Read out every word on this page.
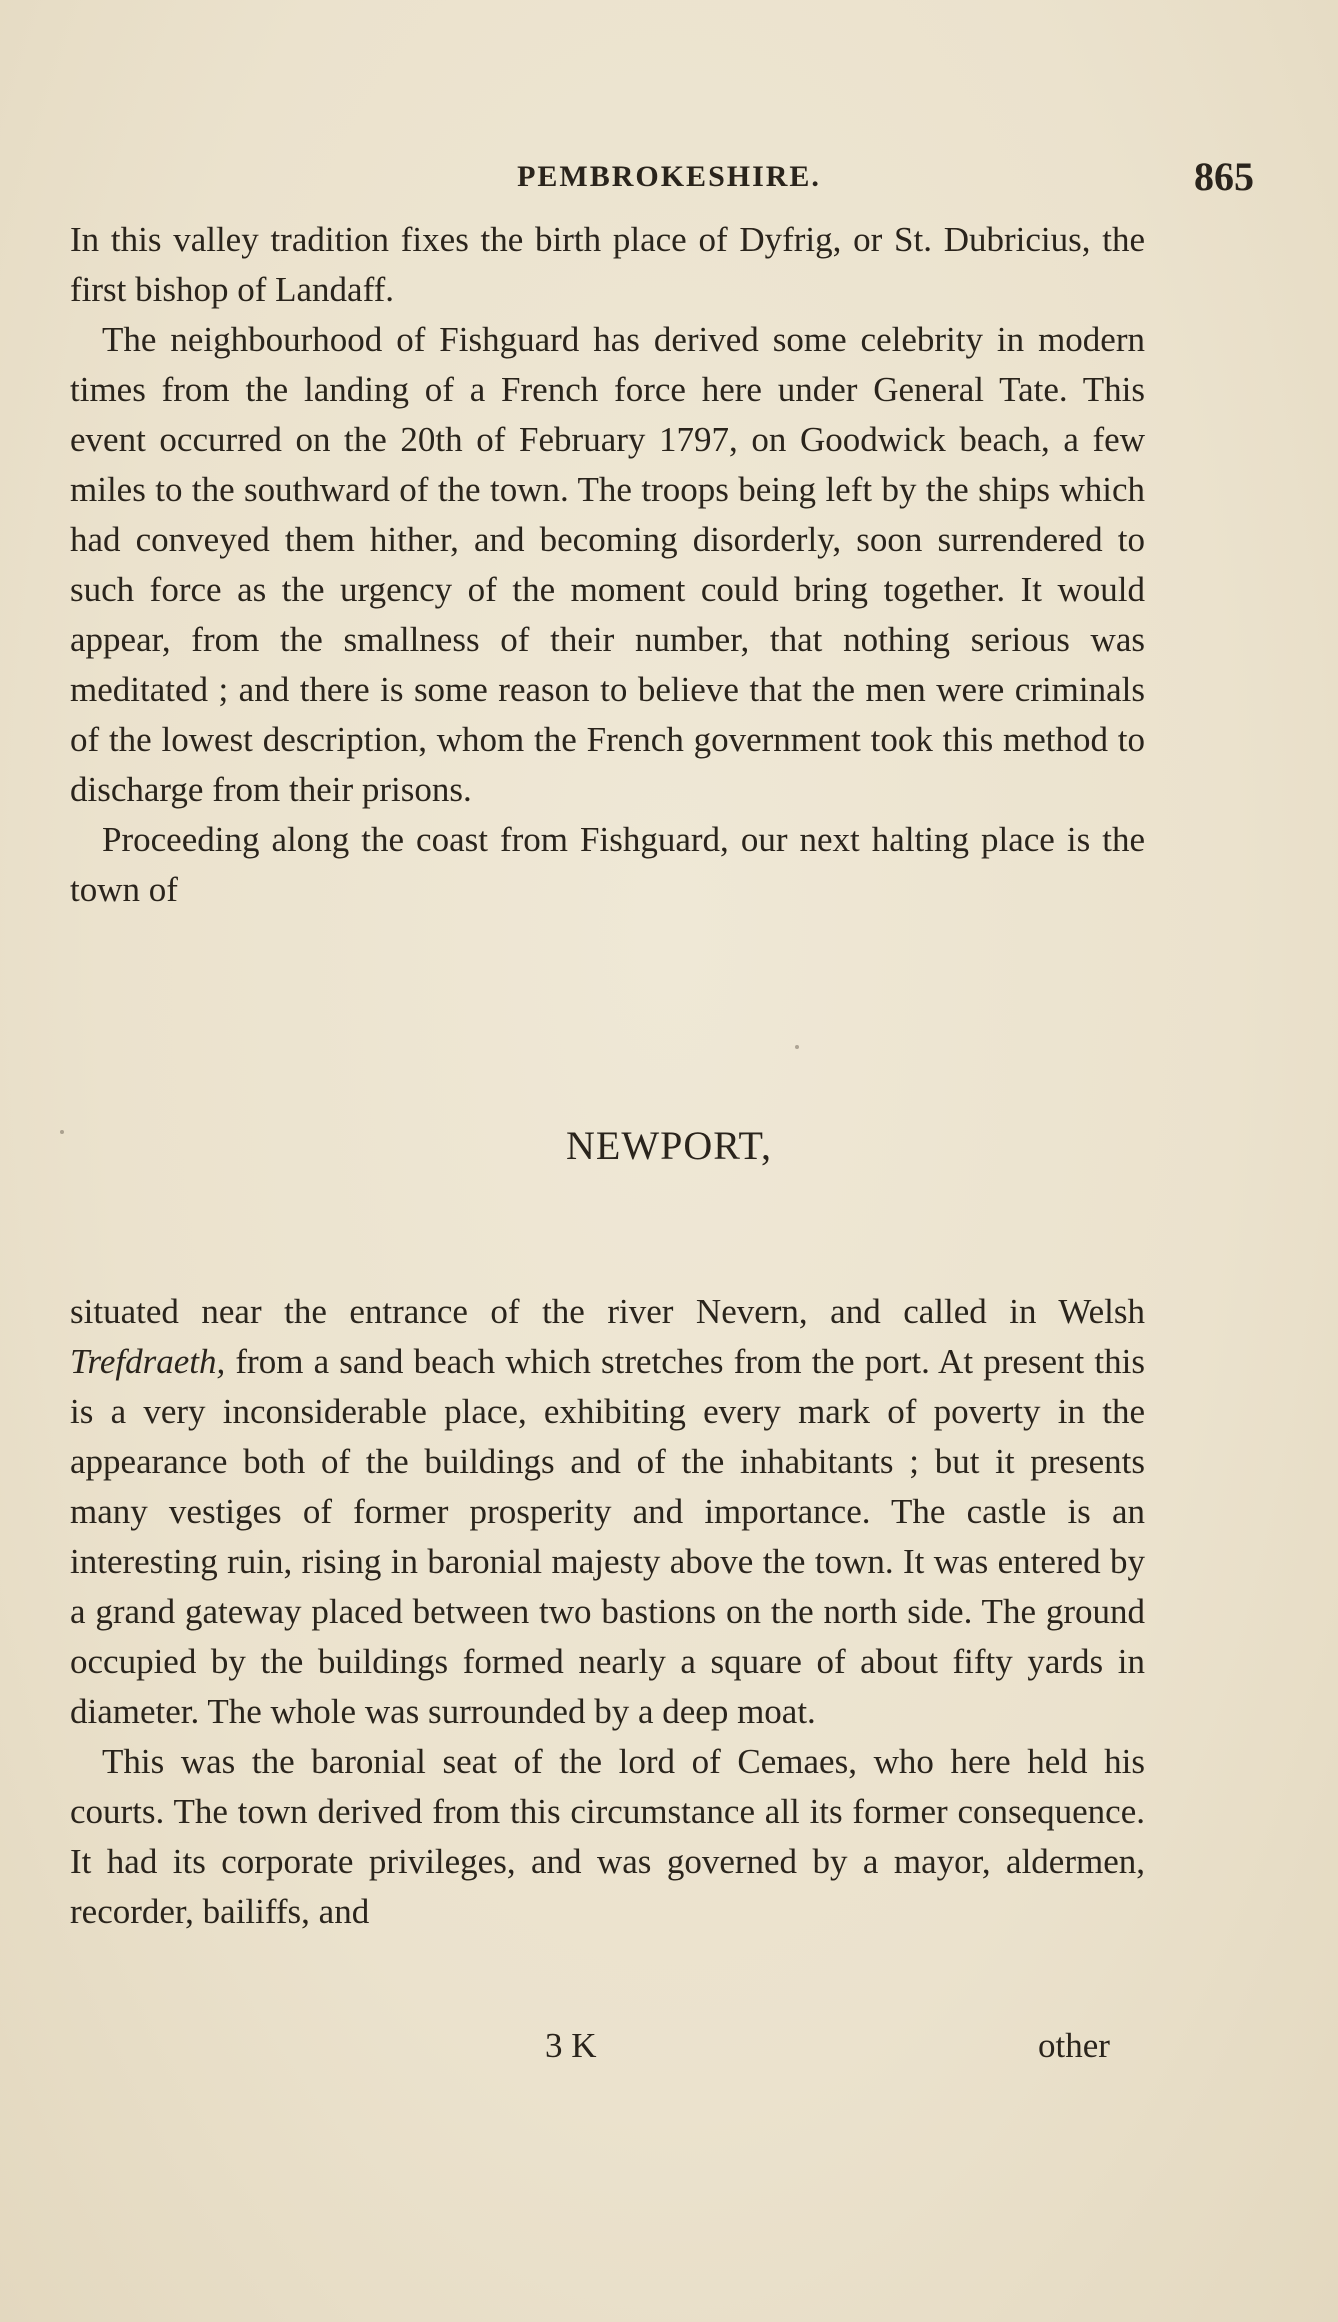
PEMBROKESHIRE.	865

In this valley tradition fixes the birth place of Dyfrig, or St. Dubricius, the first bishop of Landaff.

The neighbourhood of Fishguard has derived some celebrity in modern times from the landing of a French force here under General Tate. This event occurred on the 20th of February 1797, on Goodwick beach, a few miles to the southward of the town. The troops being left by the ships which had conveyed them hither, and becoming disorderly, soon surrendered to such force as the urgency of the moment could bring together. It would appear, from the smallness of their number, that nothing serious was meditated ; and there is some reason to believe that the men were criminals of the lowest description, whom the French government took this method to discharge from their prisons.

Proceeding along the coast from Fishguard, our next halting place is the town of

NEWPORT,

situated near the entrance of the river Nevern, and called in Welsh Trefdraeth, from a sand beach which stretches from the port. At present this is a very inconsiderable place, exhibiting every mark of poverty in the appearance both of the buildings and of the inhabitants ; but it presents many vestiges of former prosperity and importance. The castle is an interesting ruin, rising in baronial majesty above the town. It was entered by a grand gateway placed between two bastions on the north side. The ground occupied by the buildings formed nearly a square of about fifty yards in diameter. The whole was surrounded by a deep moat.

This was the baronial seat of the lord of Cemaes, who here held his courts. The town derived from this circumstance all its former consequence. It had its corporate privileges, and was governed by a mayor, aldermen, recorder, bailiffs, and

3 K	other
